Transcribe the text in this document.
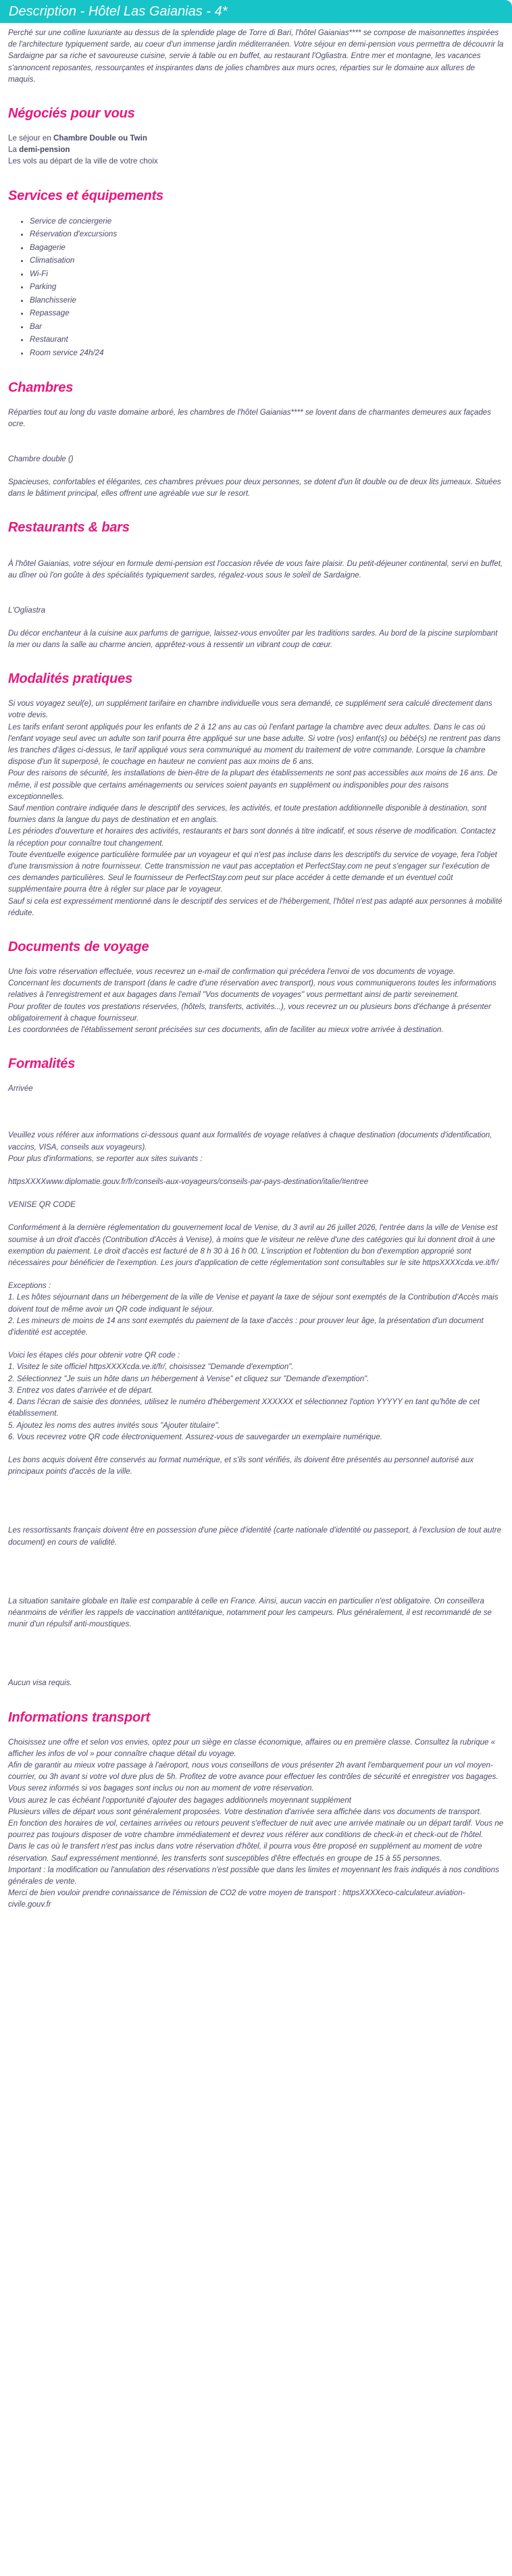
Description - Hôtel Las Gaianias - 4*

Perché sur une colline luxuriante au dessus de la splendide plage de Torre di Bari, l'hôtel Gaianias**** se compose de maisonnettes inspirées de l'architecture typiquement sarde, au coeur d'un immense jardin méditerranéen. Votre séjour en demi-pension vous permettra de découvrir la Sardaigne par sa riche et savoureuse cuisine, servie à table ou en buffet, au restaurant l'Ogliastra. Entre mer et montagne, les vacances s'annoncent reposantes, ressourçantes et inspirantes dans de jolies chambres aux murs ocres, réparties sur le domaine aux allures de maquis.

Négociés pour vous

Le séjour en Chambre Double ou Twin

La demi-pension

Les vols au départ de la ville de votre choix

Services et équipements
• Service de conciergerie
• Réservation d'excursions
• Bagagerie
• Climatisation
• Wi-Fi
• Parking
• Blanchisserie
• Repassage
• Bar
• Restaurant
• Room service 24h/24
Chambres

Réparties tout au long du vaste domaine arboré, les chambres de l'hôtel Gaianias**** se lovent dans de charmantes demeures aux façades ocre.

Chambre double ()

Spacieuses, confortables et élégantes, ces chambres prévues pour deux personnes, se dotent d'un lit double ou de deux lits jumeaux. Situées dans le bâtiment principal, elles offrent une agréable vue sur le resort.

Restaurants & bars

À l'hôtel Gaianias, votre séjour en formule demi-pension est l'occasion rêvée de vous faire plaisir. Du petit-déjeuner continental, servi en buffet, au dîner où l'on goûte à des spécialités typiquement sardes, régalez-vous sous le soleil de Sardaigne.

L'Ogliastra

Du décor enchanteur à la cuisine aux parfums de garrigue, laissez-vous envoûter par les traditions sardes. Au bord de la piscine surplombant la mer ou dans la salle au charme ancien, apprêtez-vous à ressentir un vibrant coup de cœur.

Modalités pratiques

Si vous voyagez seul(e), un supplément tarifaire en chambre individuelle vous sera demandé, ce supplément sera calculé directement dans votre devis.

Les tarifs enfant seront appliqués pour les enfants de 2 à 12 ans au cas où l'enfant partage la chambre avec deux adultes. Dans le cas où l'enfant voyage seul avec un adulte son tarif pourra être appliqué sur une base adulte. Si votre (vos) enfant(s) ou bébé(s) ne rentrent pas dans les tranches d'âges ci-dessus, le tarif appliqué vous sera communiqué au moment du traitement de votre commande. Lorsque la chambre dispose d'un lit superposé, le couchage en hauteur ne convient pas aux moins de 6 ans.

Pour des raisons de sécurité, les installations de bien-être de la plupart des établissements ne sont pas accessibles aux moins de 16 ans. De même, il est possible que certains aménagements ou services soient payants en supplément ou indisponibles pour des raisons exceptionnelles.

Sauf mention contraire indiquée dans le descriptif des services, les activités, et toute prestation additionnelle disponible à destination, sont fournies dans la langue du pays de destination et en anglais.

Les périodes d'ouverture et horaires des activités, restaurants et bars sont donnés à titre indicatif, et sous réserve de modification. Contactez la réception pour connaître tout changement.

Toute éventuelle exigence particulière formulée par un voyageur et qui n'est pas incluse dans les descriptifs du service de voyage, fera l'objet d'une transmission à notre fournisseur. Cette transmission ne vaut pas acceptation et PerfectStay.com ne peut s'engager sur l'exécution de ces demandes particulières. Seul le fournisseur de PerfectStay.com peut sur place accéder à cette demande et un éventuel coût supplémentaire pourra être à régler sur place par le voyageur.

Sauf si cela est expressément mentionné dans le descriptif des services et de l'hébergement, l'hôtel n'est pas adapté aux personnes à mobilité réduite.

Documents de voyage

Une fois votre réservation effectuée, vous recevrez un e-mail de confirmation qui précédera l'envoi de vos documents de voyage.

Concernant les documents de transport (dans le cadre d'une réservation avec transport), nous vous communiquerons toutes les informations relatives à l'enregistrement et aux bagages dans l'email "Vos documents de voyages" vous permettant ainsi de partir sereinement.

Pour profiter de toutes vos prestations réservées, (hôtels, transferts, activités...), vous recevrez un ou plusieurs bons d'échange à présenter obligatoirement à chaque fournisseur.

Les coordonnées de l'établissement seront précisées sur ces documents, afin de faciliter au mieux votre arrivée à destination.

Formalités

Arrivée

Veuillez vous référer aux informations ci-dessous quant aux formalités de voyage relatives à chaque destination (documents d'identification, vaccins, VISA, conseils aux voyageurs).

Pour plus d'informations, se reporter aux sites suivants :

httpsXXXXwww.diplomatie.gouv.fr/fr/conseils-aux-voyageurs/conseils-par-pays-destination/italie/#entree

VENISE QR CODE

Conformément à la dernière réglementation du gouvernement local de Venise, du 3 avril au 26 juillet 2026, l'entrée dans la ville de Venise est soumise à un droit d'accès (Contribution d'Accès à Venise), à moins que le visiteur ne relève d'une des catégories qui lui donnent droit à une exemption du paiement. Le droit d'accès est facturé de 8 h 30 à 16 h 00. L'inscription et l'obtention du bon d'exemption approprié sont nécessaires pour bénéficier de l'exemption. Les jours d'application de cette réglementation sont consultables sur le site httpsXXXXcda.ve.it/fr/

Exceptions :

1. Les hôtes séjournant dans un hébergement de la ville de Venise et payant la taxe de séjour sont exemptés de la Contribution d'Accès mais doivent tout de même avoir un QR code indiquant le séjour.

2. Les mineurs de moins de 14 ans sont exemptés du paiement de la taxe d'accès : pour prouver leur âge, la présentation d'un document d'identité est acceptée.

Voici les étapes clés pour obtenir votre QR code :

1. Visitez le site officiel httpsXXXXcda.ve.it/fr/, choisissez "Demande d'exemption".

2. Sélectionnez "Je suis un hôte dans un hébergement à Venise" et cliquez sur "Demande d'exemption".

3. Entrez vos dates d'arrivée et de départ.

4. Dans l'écran de saisie des données, utilisez le numéro d'hébergement XXXXXX et sélectionnez l'option YYYYY en tant qu'hôte de cet établissement.

5. Ajoutez les noms des autres invités sous "Ajouter titulaire".

6. Vous recevrez votre QR code électroniquement. Assurez-vous de sauvegarder un exemplaire numérique.

Les bons acquis doivent être conservés au format numérique, et s'ils sont vérifiés, ils doivent être présentés au personnel autorisé aux principaux points d'accès de la ville.

Les ressortissants français doivent être en possession d'une pièce d'identité (carte nationale d'identité ou passeport, à l'exclusion de tout autre document) en cours de validité.

La situation sanitaire globale en Italie est comparable à celle en France. Ainsi, aucun vaccin en particulier n'est obligatoire. On conseillera néanmoins de vérifier les rappels de vaccination antitétanique, notamment pour les campeurs. Plus généralement, il est recommandé de se munir d'un répulsif anti-moustiques.

Aucun visa requis.

Informations transport

Choisissez une offre et selon vos envies, optez pour un siège en classe économique, affaires ou en première classe. Consultez la rubrique « afficher les infos de vol » pour connaître chaque détail du voyage.

Afin de garantir au mieux votre passage à l'aéroport, nous vous conseillons de vous présenter 2h avant l'embarquement pour un vol moyen-courrier, ou 3h avant si votre vol dure plus de 5h. Profitez de votre avance pour effectuer les contrôles de sécurité et enregistrer vos bagages.

Vous serez informés si vos bagages sont inclus ou non au moment de votre réservation.

Vous aurez le cas échéant l'opportunité d'ajouter des bagages additionnels moyennant supplément

Plusieurs villes de départ vous sont généralement proposées. Votre destination d'arrivée sera affichée dans vos documents de transport.

En fonction des horaires de vol, certaines arrivées ou retours peuvent s'effectuer de nuit avec une arrivée matinale ou un départ tardif. Vous ne pourrez pas toujours disposer de votre chambre immédiatement et devrez vous référer aux conditions de check-in et check-out de l'hôtel.

Dans le cas où le transfert n'est pas inclus dans votre réservation d'hôtel, il pourra vous être proposé en supplément au moment de votre réservation. Sauf expressément mentionné, les transferts sont susceptibles d'être effectués en groupe de 15 à 55 personnes.

Important : la modification ou l'annulation des réservations n'est possible que dans les limites et moyennant les frais indiqués à nos conditions générales de vente.

Merci de bien vouloir prendre connaissance de l'émission de CO2 de votre moyen de transport : httpsXXXXeco-calculateur.aviation-civile.gouv.fr
